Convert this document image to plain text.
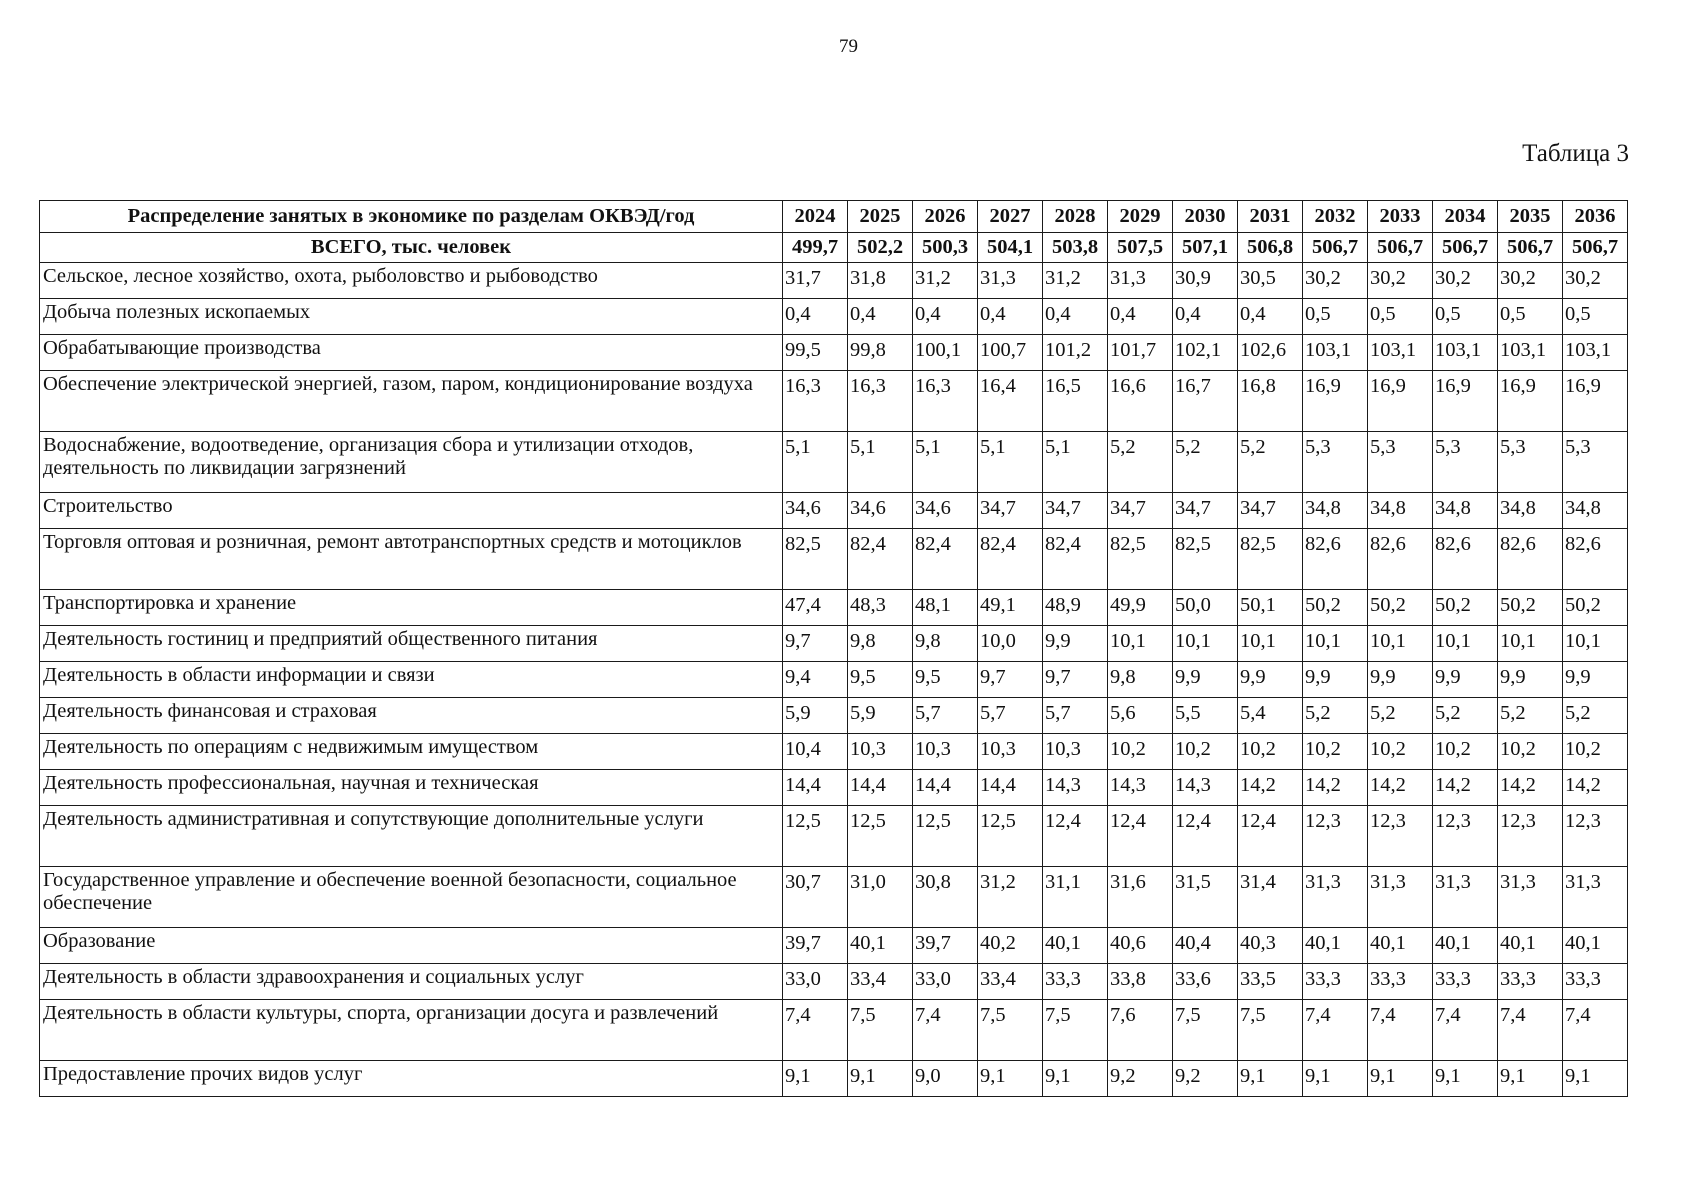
79
Таблица 3
Распределение занятых в экономике по разделам ОКВЭД/год	2024	2025	2026	2027	2028	2029	2030	2031	2032	2033	2034	2035	2036
ВСЕГО, тыс. человек	499,7	502,2	500,3	504,1	503,8	507,5	507,1	506,8	506,7	506,7	506,7	506,7	506,7
Сельское, лесное хозяйство, охота, рыболовство и рыбоводство	31,7	31,8	31,2	31,3	31,2	31,3	30,9	30,5	30,2	30,2	30,2	30,2	30,2
Добыча полезных ископаемых	0,4	0,4	0,4	0,4	0,4	0,4	0,4	0,4	0,5	0,5	0,5	0,5	0,5
Обрабатывающие производства	99,5	99,8	100,1	100,7	101,2	101,7	102,1	102,6	103,1	103,1	103,1	103,1	103,1
Обеспечение электрической энергией, газом, паром, кондиционирование воздуха	16,3	16,3	16,3	16,4	16,5	16,6	16,7	16,8	16,9	16,9	16,9	16,9	16,9
Водоснабжение, водоотведение, организация сбора и утилизации отходов, деятельность по ликвидации загрязнений	5,1	5,1	5,1	5,1	5,1	5,2	5,2	5,2	5,3	5,3	5,3	5,3	5,3
Строительство	34,6	34,6	34,6	34,7	34,7	34,7	34,7	34,7	34,8	34,8	34,8	34,8	34,8
Торговля оптовая и розничная, ремонт автотранспортных средств и мотоциклов	82,5	82,4	82,4	82,4	82,4	82,5	82,5	82,5	82,6	82,6	82,6	82,6	82,6
Транспортировка и хранение	47,4	48,3	48,1	49,1	48,9	49,9	50,0	50,1	50,2	50,2	50,2	50,2	50,2
Деятельность гостиниц и предприятий общественного питания	9,7	9,8	9,8	10,0	9,9	10,1	10,1	10,1	10,1	10,1	10,1	10,1	10,1
Деятельность в области информации и связи	9,4	9,5	9,5	9,7	9,7	9,8	9,9	9,9	9,9	9,9	9,9	9,9	9,9
Деятельность финансовая и страховая	5,9	5,9	5,7	5,7	5,7	5,6	5,5	5,4	5,2	5,2	5,2	5,2	5,2
Деятельность по операциям с недвижимым имуществом	10,4	10,3	10,3	10,3	10,3	10,2	10,2	10,2	10,2	10,2	10,2	10,2	10,2
Деятельность профессиональная, научная и техническая	14,4	14,4	14,4	14,4	14,3	14,3	14,3	14,2	14,2	14,2	14,2	14,2	14,2
Деятельность административная и сопутствующие дополнительные услуги	12,5	12,5	12,5	12,5	12,4	12,4	12,4	12,4	12,3	12,3	12,3	12,3	12,3
Государственное управление и обеспечение военной безопасности, социальное обеспечение	30,7	31,0	30,8	31,2	31,1	31,6	31,5	31,4	31,3	31,3	31,3	31,3	31,3
Образование	39,7	40,1	39,7	40,2	40,1	40,6	40,4	40,3	40,1	40,1	40,1	40,1	40,1
Деятельность в области здравоохранения и социальных услуг	33,0	33,4	33,0	33,4	33,3	33,8	33,6	33,5	33,3	33,3	33,3	33,3	33,3
Деятельность в области культуры, спорта, организации досуга и развлечений	7,4	7,5	7,4	7,5	7,5	7,6	7,5	7,5	7,4	7,4	7,4	7,4	7,4
Предоставление прочих видов услуг	9,1	9,1	9,0	9,1	9,1	9,2	9,2	9,1	9,1	9,1	9,1	9,1	9,1
